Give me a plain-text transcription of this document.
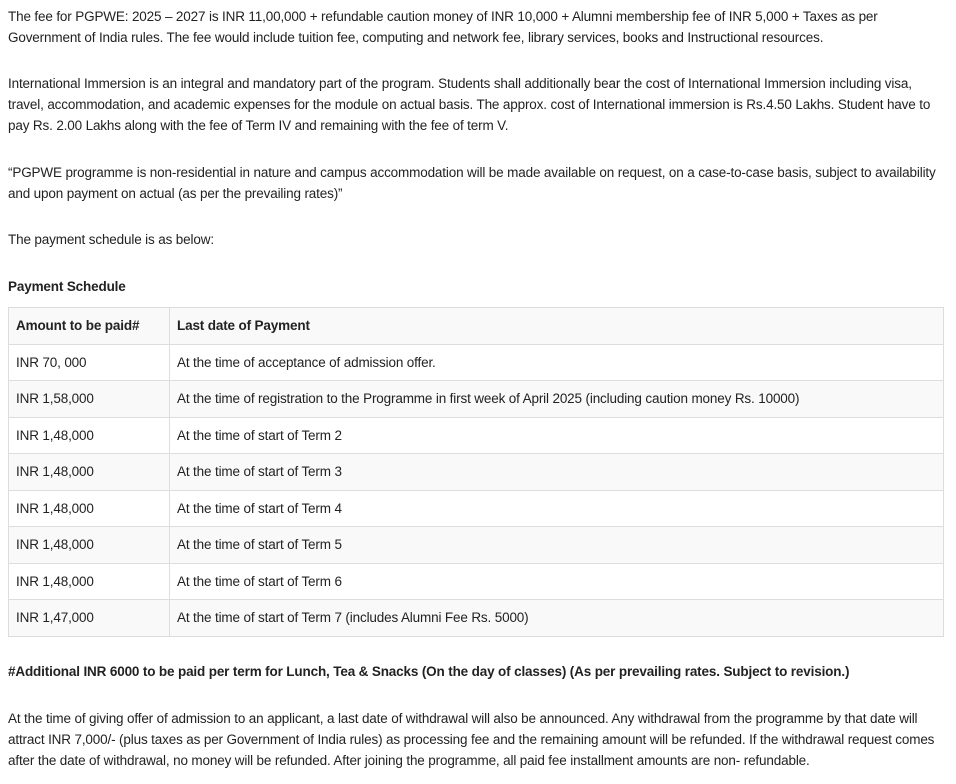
The fee for PGPWE: 2025 – 2027 is INR 11,00,000 + refundable caution money of INR 10,000 + Alumni membership fee of INR 5,000 + Taxes as per Government of India rules. The fee would include tuition fee, computing and network fee, library services, books and Instructional resources.

International Immersion is an integral and mandatory part of the program. Students shall additionally bear the cost of International Immersion including visa, travel, accommodation, and academic expenses for the module on actual basis. The approx. cost of International immersion is Rs.4.50 Lakhs. Student have to pay Rs. 2.00 Lakhs along with the fee of Term IV and remaining with the fee of term V.

“PGPWE programme is non-residential in nature and campus accommodation will be made available on request, on a case-to-case basis, subject to availability and upon payment on actual (as per the prevailing rates)”

The payment schedule is as below:

Payment Schedule
Amount to be paid#	Last date of Payment
INR 70, 000	At the time of acceptance of admission offer.
INR 1,58,000	At the time of registration to the Programme in first week of April 2025 (including caution money Rs. 10000)
INR 1,48,000	At the time of start of Term 2
INR 1,48,000	At the time of start of Term 3
INR 1,48,000	At the time of start of Term 4
INR 1,48,000	At the time of start of Term 5
INR 1,48,000	At the time of start of Term 6
INR 1,47,000	At the time of start of Term 7 (includes Alumni Fee Rs. 5000)
#Additional INR 6000 to be paid per term for Lunch, Tea & Snacks (On the day of classes) (As per prevailing rates. Subject to revision.)

At the time of giving offer of admission to an applicant, a last date of withdrawal will also be announced. Any withdrawal from the programme by that date will attract INR 7,000/- (plus taxes as per Government of India rules) as processing fee and the remaining amount will be refunded. If the withdrawal request comes after the date of withdrawal, no money will be refunded. After joining the programme, all paid fee installment amounts are non- refundable.
